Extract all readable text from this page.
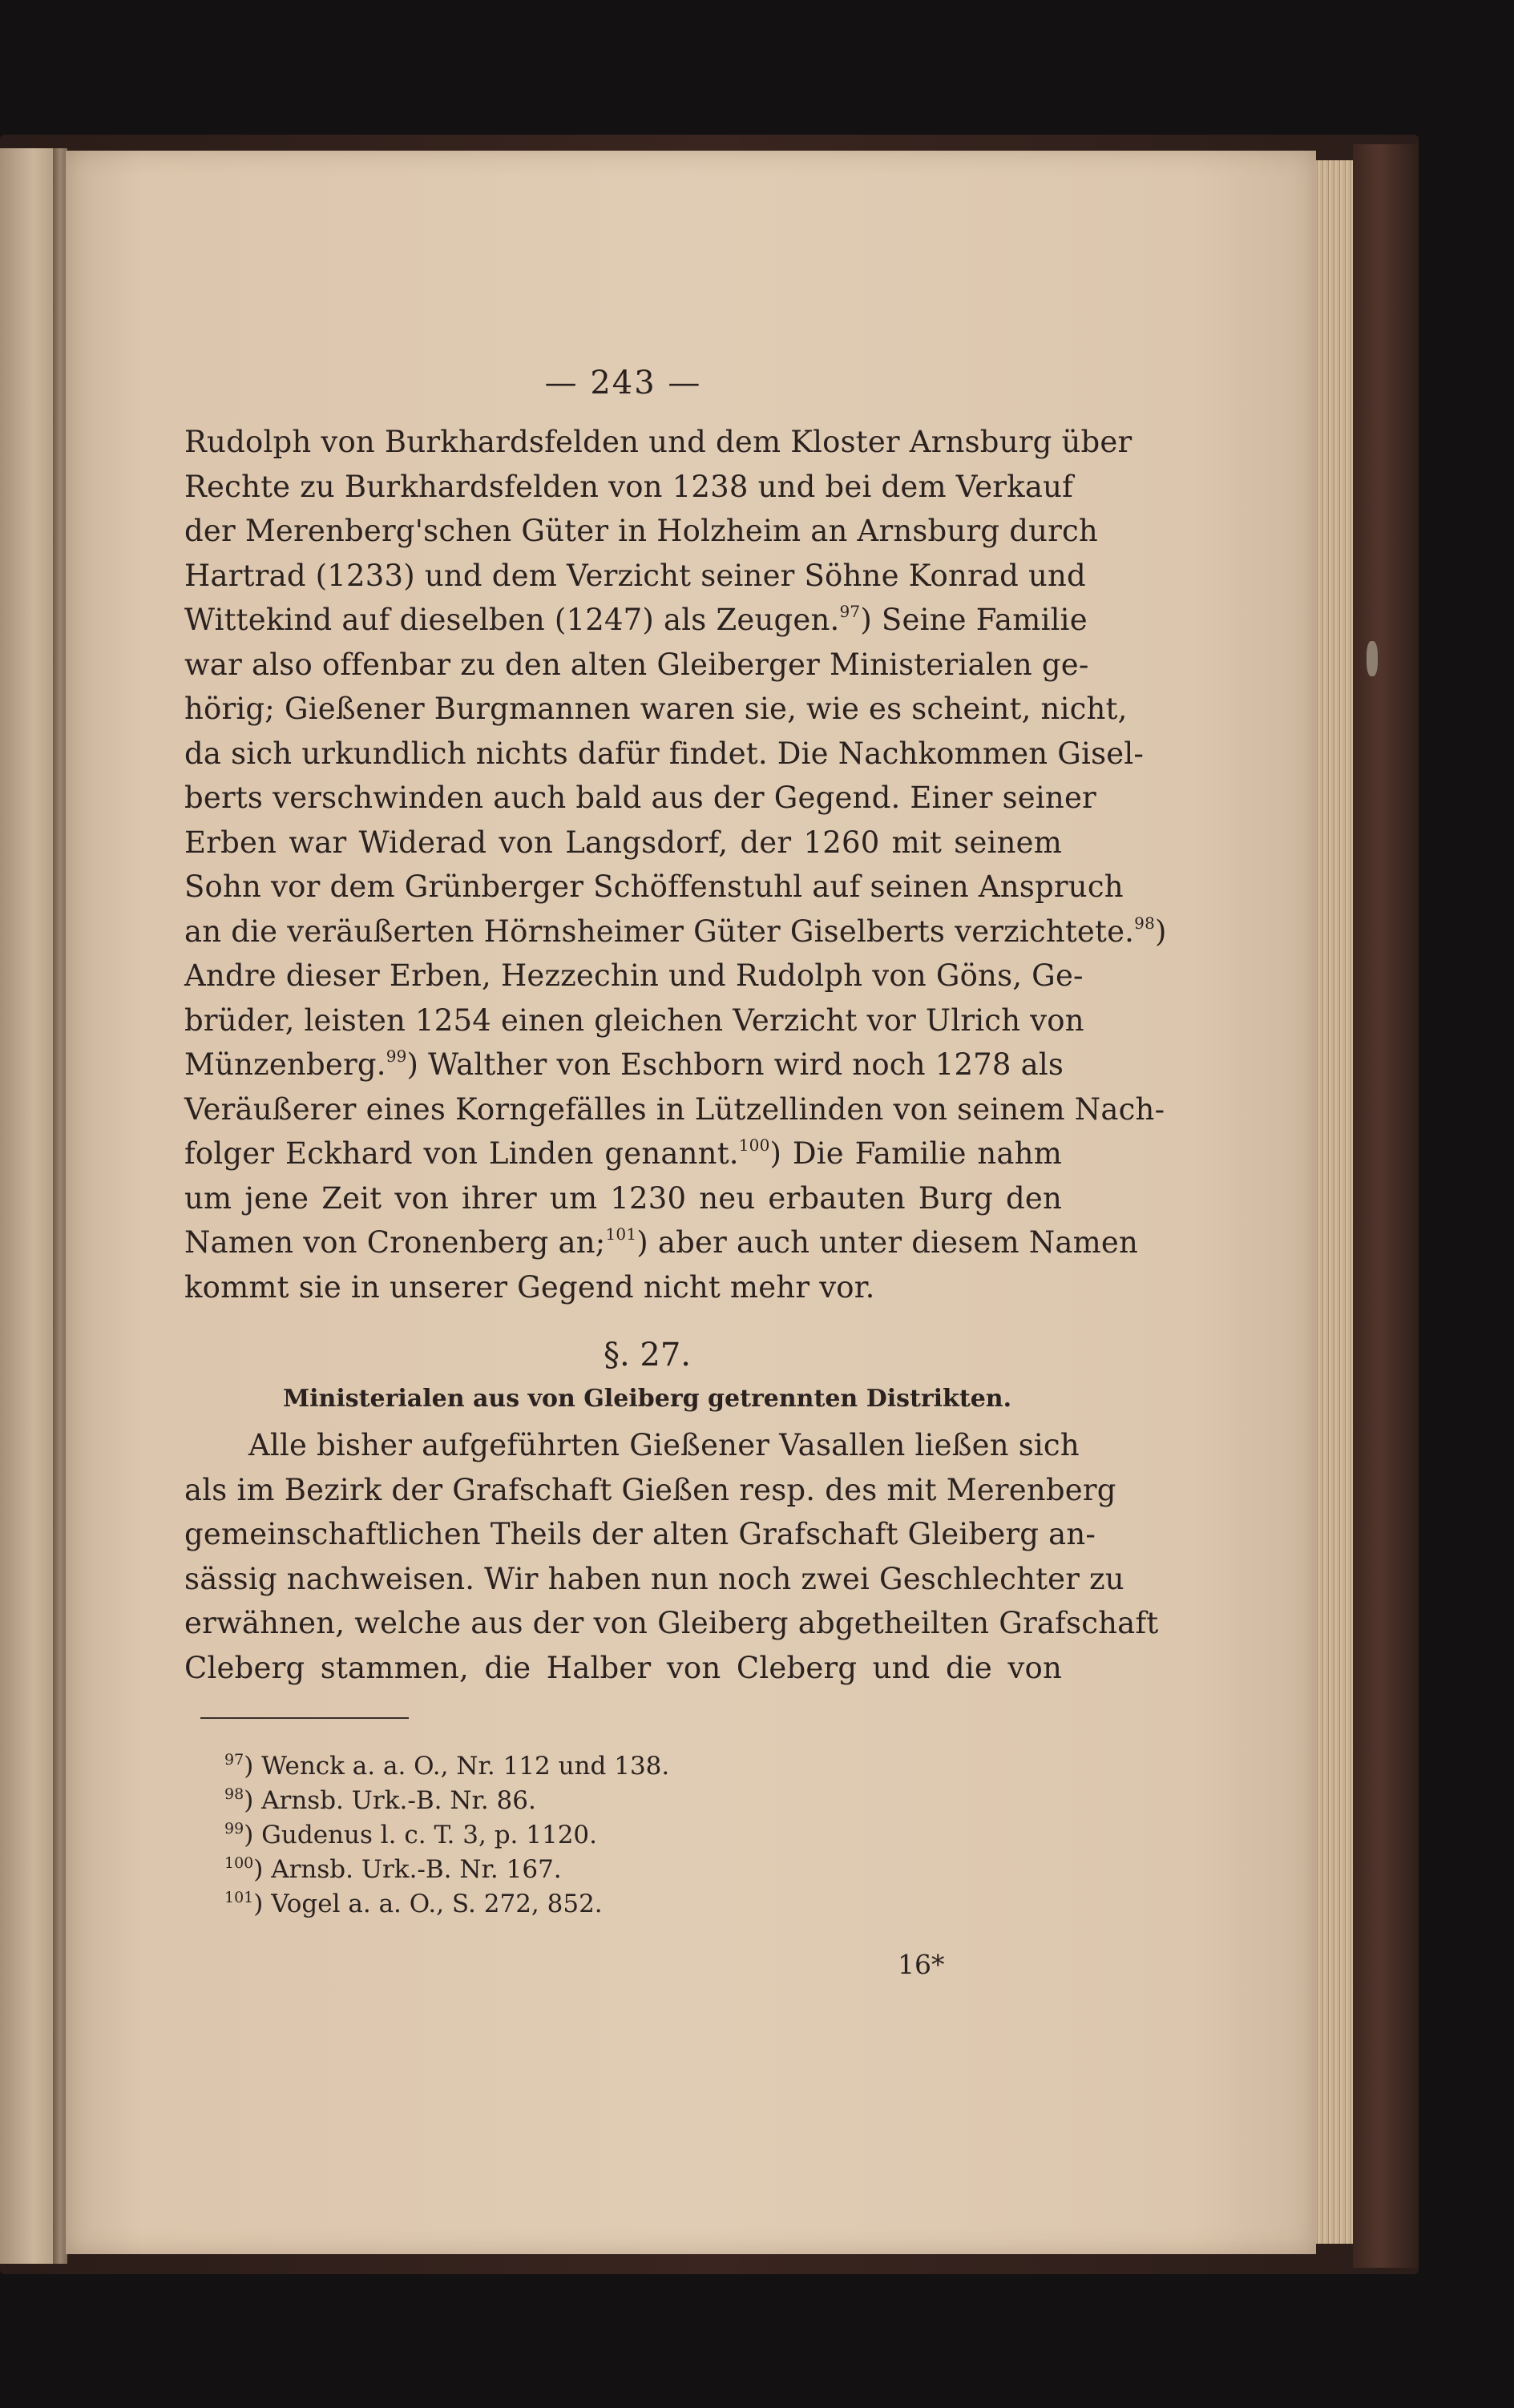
— 243 —
Rudolph von Burkhardsfelden und dem Kloster Arnsburg über
Rechte zu Burkhardsfelden von 1238 und bei dem Verkauf
der Merenberg'schen Güter in Holzheim an Arnsburg durch
Hartrad (1233) und dem Verzicht seiner Söhne Konrad und
Wittekind auf dieselben (1247) als Zeugen.$^{97}$) Seine Familie
war also offenbar zu den alten Gleiberger Ministerialen ge-
hörig; Gießener Burgmannen waren sie, wie es scheint, nicht,
da sich urkundlich nichts dafür findet. Die Nachkommen Gisel-
berts verschwinden auch bald aus der Gegend. Einer seiner
Erben war Widerad von Langsdorf, der 1260 mit seinem
Sohn vor dem Grünberger Schöffenstuhl auf seinen Anspruch
an die veräußerten Hörnsheimer Güter Giselberts verzichtete.$^{98}$)
Andre dieser Erben, Hezzechin und Rudolph von Göns, Ge-
brüder, leisten 1254 einen gleichen Verzicht vor Ulrich von
Münzenberg.$^{99}$) Walther von Eschborn wird noch 1278 als
Veräußerer eines Korngefälles in Lützellinden von seinem Nach-
folger Eckhard von Linden genannt.$^{100}$) Die Familie nahm
um jene Zeit von ihrer um 1230 neu erbauten Burg den
Namen von Cronenberg an;$^{101}$) aber auch unter diesem Namen
kommt sie in unserer Gegend nicht mehr vor.
§. 27.
Ministerialen aus von Gleiberg getrennten Distrikten.
Alle bisher aufgeführten Gießener Vasallen ließen sich
als im Bezirk der Grafschaft Gießen resp. des mit Merenberg
gemeinschaftlichen Theils der alten Grafschaft Gleiberg an-
sässig nachweisen. Wir haben nun noch zwei Geschlechter zu
erwähnen, welche aus der von Gleiberg abgetheilten Grafschaft
Cleberg stammen, die Halber von Cleberg und die von
$^{97}$) Wenck a. a. O., Nr. 112 und 138.
$^{98}$) Arnsb. Urk.-B. Nr. 86.
$^{99}$) Gudenus l. c. T. 3, p. 1120.
$^{100}$) Arnsb. Urk.-B. Nr. 167.
$^{101}$) Vogel a. a. O., S. 272, 852.
16*
